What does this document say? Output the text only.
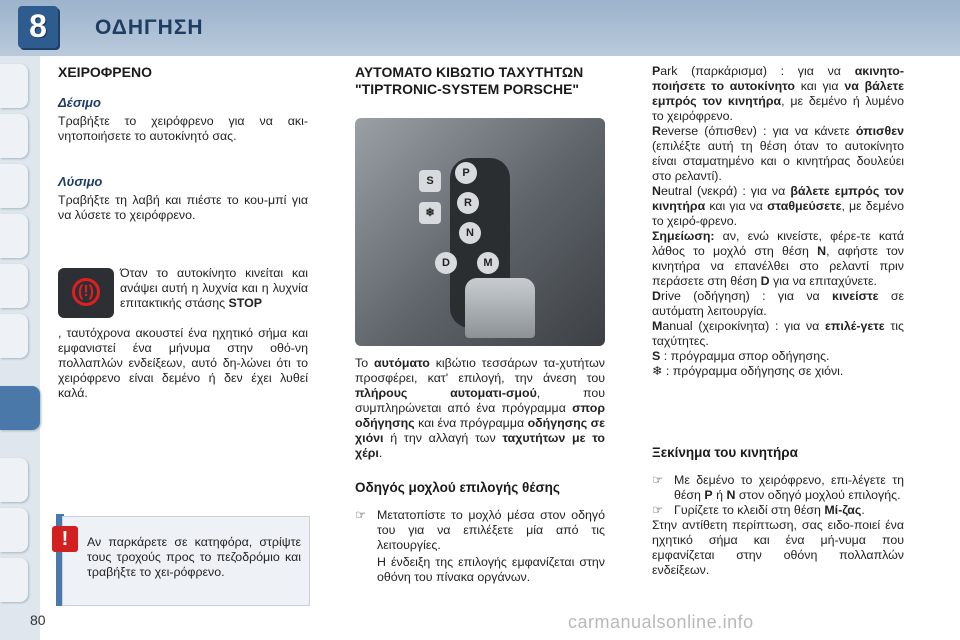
8	ΟΔΗΓΗΣΗ
ΧΕΙΡΟΦΡΕΝΟ
Δέσιμο

Τραβήξτε το χειρόφρενο για να ακι-νητοποιήσετε το αυτοκίνητό σας.

Λύσιμο

Τραβήξτε τη λαβή και πιέστε το κου-μπί για να λύσετε το χειρόφρενο.

(!)

Όταν το αυτοκίνητο κινείται και ανάψει αυτή η λυχνία και η λυχνία επιτακτικής στάσης STOP

, ταυτόχρονα ακουστεί ένα ηχητικό σήμα και εμφανιστεί ένα μήνυμα στην οθό-νη πολλαπλών ενδείξεων, αυτό δη-λώνει ότι το χειρόφρενο είναι δεμένο ή δεν έχει λυθεί καλά.

Αν παρκάρετε σε κατηφόρα, στρίψτε τους τροχούς προς το πεζοδρόμιο και τραβήξτε το χει-ρόφρενο.

!
ΑΥΤΟΜΑΤΟ ΚΙΒΩΤΙΟ ΤΑΧΥΤΗΤΩΝ "TIPTRONIC-SYSTEM PORSCHE"
P
R
N
D	M
S
❄

Το αυτόματο κιβώτιο τεσσάρων τα-χυτήτων προσφέρει, κατ' επιλογή, την άνεση του πλήρους αυτοματι-σμού, που συμπληρώνεται από ένα πρόγραμμα σπορ οδήγησης και ένα πρόγραμμα οδήγησης σε χιόνι ή την αλλαγή των ταχυτήτων με το χέρι.

Οδηγός μοχλού επιλογής θέσης
☞ Μετατοπίστε το μοχλό μέσα στον οδηγό του για να επιλέξετε μία από τις λειτουργίες.

Η ένδειξη της επιλογής εμφανίζεται στην οθόνη του πίνακα οργάνων.

Park (παρκάρισμα) : για να ακινητο-ποιήσετε το αυτοκίνητο και για να βάλετε εμπρός τον κινητήρα, με δεμένο ή λυμένο το χειρόφρενο.

Reverse (όπισθεν) : για να κάνετε όπισθεν (επιλέξτε αυτή τη θέση όταν το αυτοκίνητο είναι σταματημένο και ο κινητήρας δουλεύει στο ρελαντί).

Neutral (νεκρά) : για να βάλετε εμπρός τον κινητήρα και για να σταθμεύσετε, με δεμένο το χειρό-φρενο.

Σημείωση: αν, ενώ κινείστε, φέρε-τε κατά λάθος το μοχλό στη θέση N, αφήστε τον κινητήρα να επανέλθει στο ρελαντί πριν περάσετε στη θέση D για να επιταχύνετε.

Drive (οδήγηση) : για να κινείστε σε αυτόματη λειτουργία.

Manual (χειροκίνητα) : για να επιλέ-γετε τις ταχύτητες.

S : πρόγραμμα σπορ οδήγησης.

❄ : πρόγραμμα οδήγησης σε χιόνι.

Ξεκίνημα του κινητήρα
☞ Με δεμένο το χειρόφρενο, επι-λέγετε τη θέση P ή N στον οδηγό μοχλού επιλογής.
☞ Γυρίζετε το κλειδί στη θέση Μί-ζας.

Στην αντίθετη περίπτωση, σας ειδο-ποιεί ένα ηχητικό σήμα και ένα μή-νυμα που εμφανίζεται στην οθόνη πολλαπλών ενδείξεων.

80	carmanualsonline.info
